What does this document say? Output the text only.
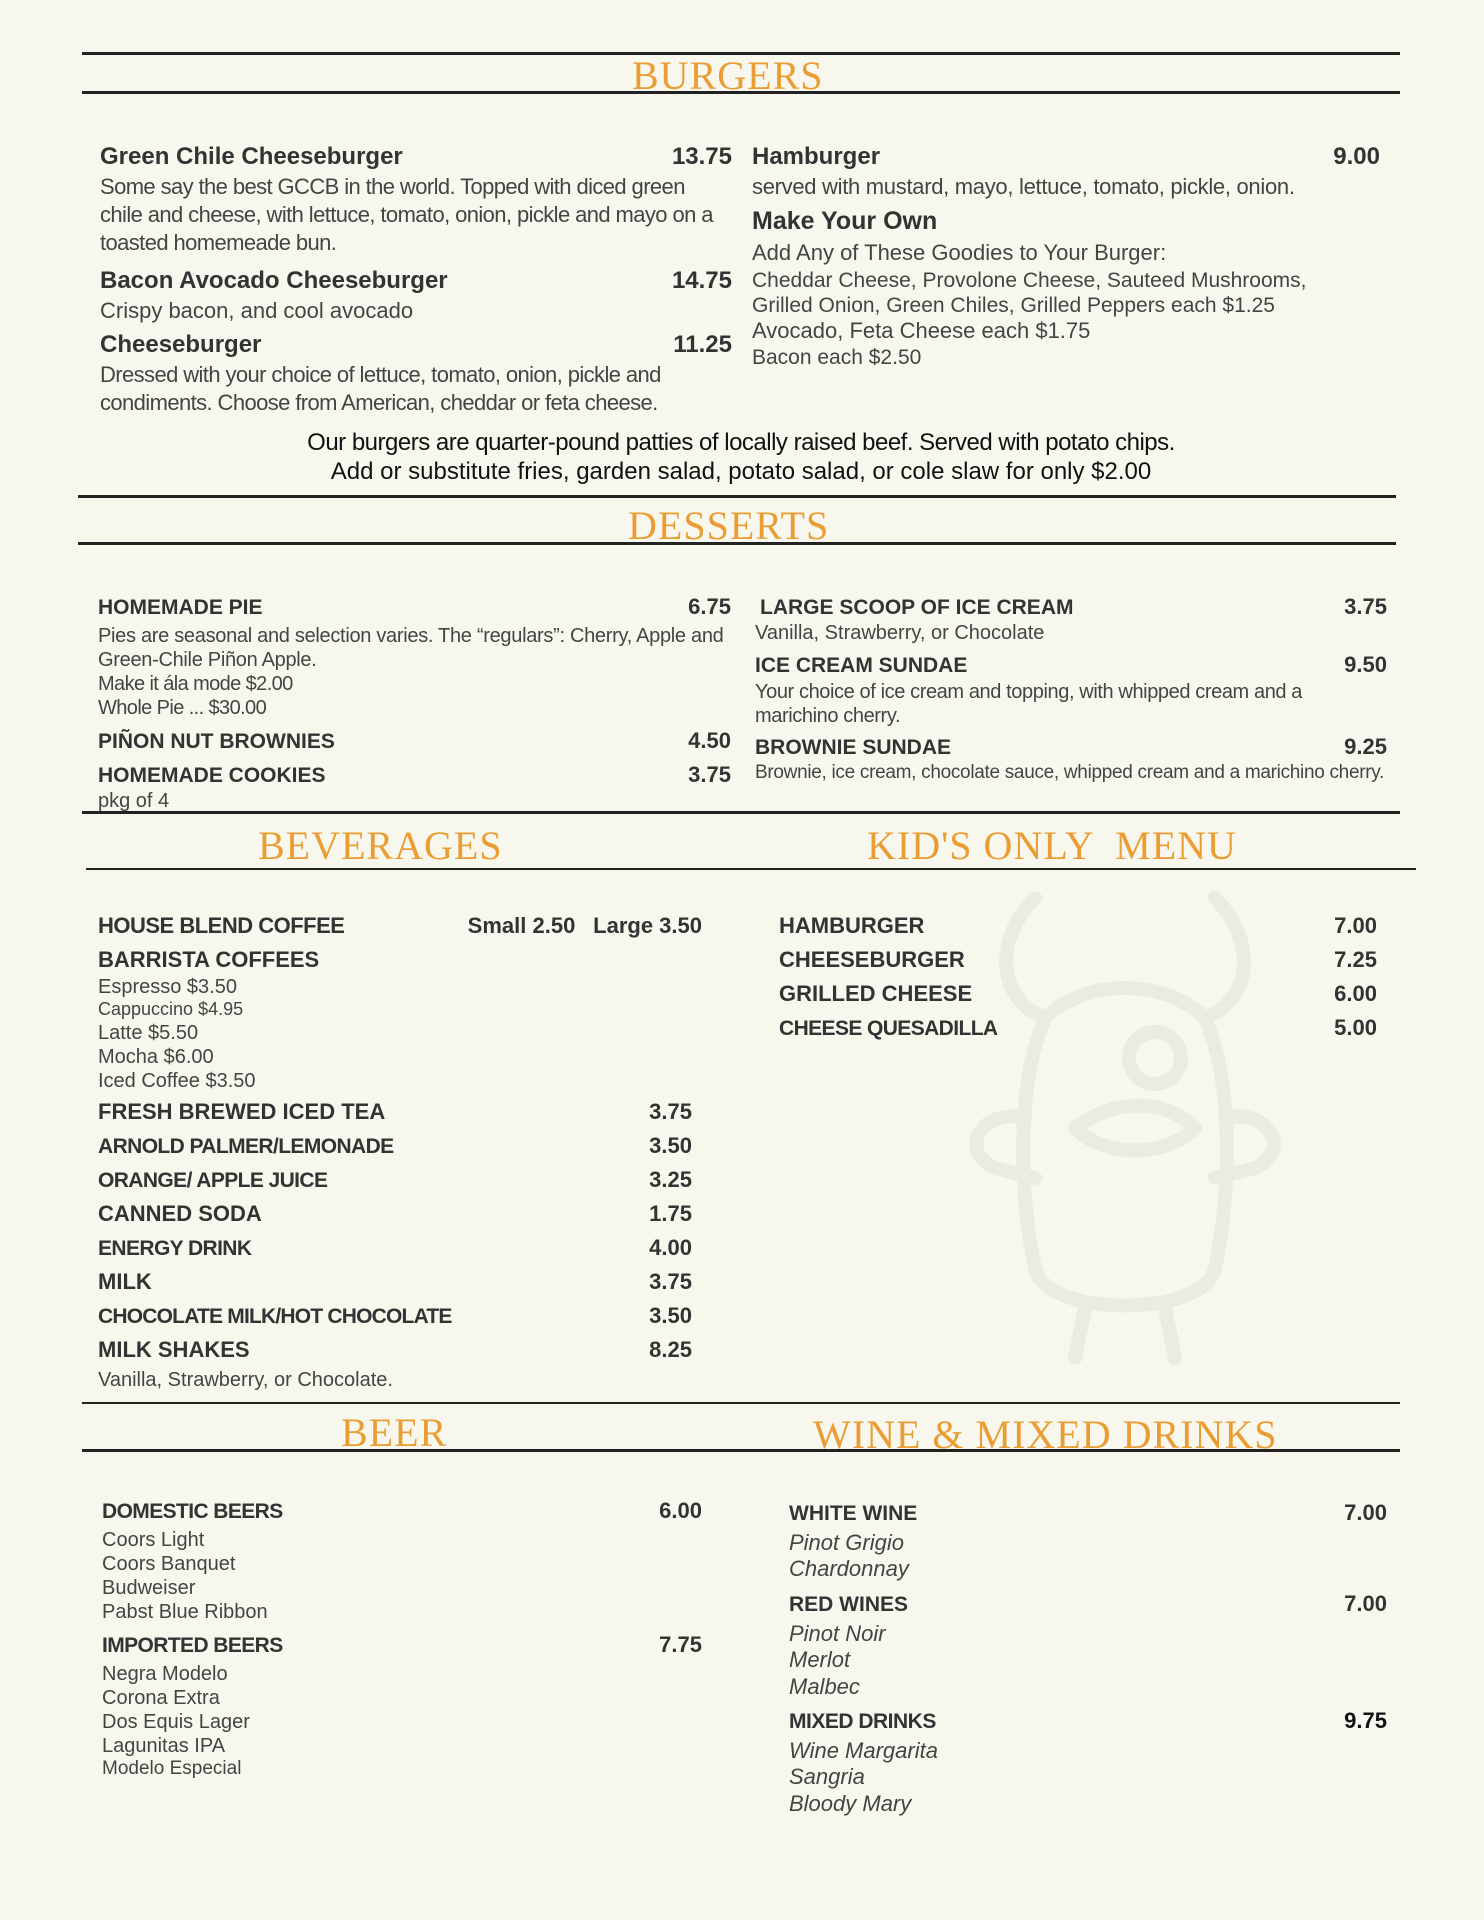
BURGERS
Green Chile Cheeseburger	13.75
Some say the best GCCB in the world. Topped with diced green chile and cheese, with lettuce, tomato, onion, pickle and mayo on a toasted homemeade bun.
Bacon Avocado Cheeseburger	14.75
Crispy bacon, and cool avocado
Cheeseburger	11.25
Dressed with your choice of lettuce, tomato, onion, pickle and condiments. Choose from American, cheddar or feta cheese.
Hamburger	9.00
served with mustard, mayo, lettuce, tomato, pickle, onion.
Make Your Own
Add Any of These Goodies to Your Burger:
Cheddar Cheese, Provolone Cheese, Sauteed Mushrooms,
Grilled Onion, Green Chiles, Grilled Peppers each $1.25
Avocado, Feta Cheese each $1.75
Bacon each $2.50
Our burgers are quarter-pound patties of locally raised beef. Served with potato chips.
Add or substitute fries, garden salad, potato salad, or cole slaw for only $2.00
DESSERTS
HOMEMADE PIE	6.75
Pies are seasonal and selection varies. The “regulars”: Cherry, Apple and Green-Chile Piñon Apple.
Make it ála mode $2.00
Whole Pie ... $30.00
PIÑON NUT BROWNIES	4.50
HOMEMADE COOKIES	3.75
pkg of 4
LARGE SCOOP OF ICE CREAM	3.75
Vanilla, Strawberry, or Chocolate
ICE CREAM SUNDAE	9.50
Your choice of ice cream and topping, with whipped cream and a marichino cherry.
BROWNIE SUNDAE	9.25
Brownie, ice cream, chocolate sauce, whipped cream and a marichino cherry.
BEVERAGES	KID'S ONLY  MENU
HOUSE BLEND COFFEE	Small 2.50 Large 3.50
BARRISTA COFFEES
Espresso $3.50
Cappuccino $4.95
Latte $5.50
Mocha $6.00
Iced Coffee $3.50
FRESH BREWED ICED TEA	3.75
ARNOLD PALMER/LEMONADE	3.50
ORANGE/ APPLE JUICE	3.25
CANNED SODA	1.75
ENERGY DRINK	4.00
MILK	3.75
CHOCOLATE MILK/HOT CHOCOLATE	3.50
MILK SHAKES	8.25
Vanilla, Strawberry, or Chocolate.
HAMBURGER	7.00
CHEESEBURGER	7.25
GRILLED CHEESE	6.00
CHEESE QUESADILLA	5.00
BEER	WINE & MIXED DRINKS
DOMESTIC BEERS	6.00
Coors Light
Coors Banquet
Budweiser
Pabst Blue Ribbon
IMPORTED BEERS	7.75
Negra Modelo
Corona Extra
Dos Equis Lager
Lagunitas IPA
Modelo Especial
WHITE WINE	7.00
Pinot Grigio
Chardonnay
RED WINES	7.00
Pinot Noir
Merlot
Malbec
MIXED DRINKS	9.75
Wine Margarita
Sangria
Bloody Mary
